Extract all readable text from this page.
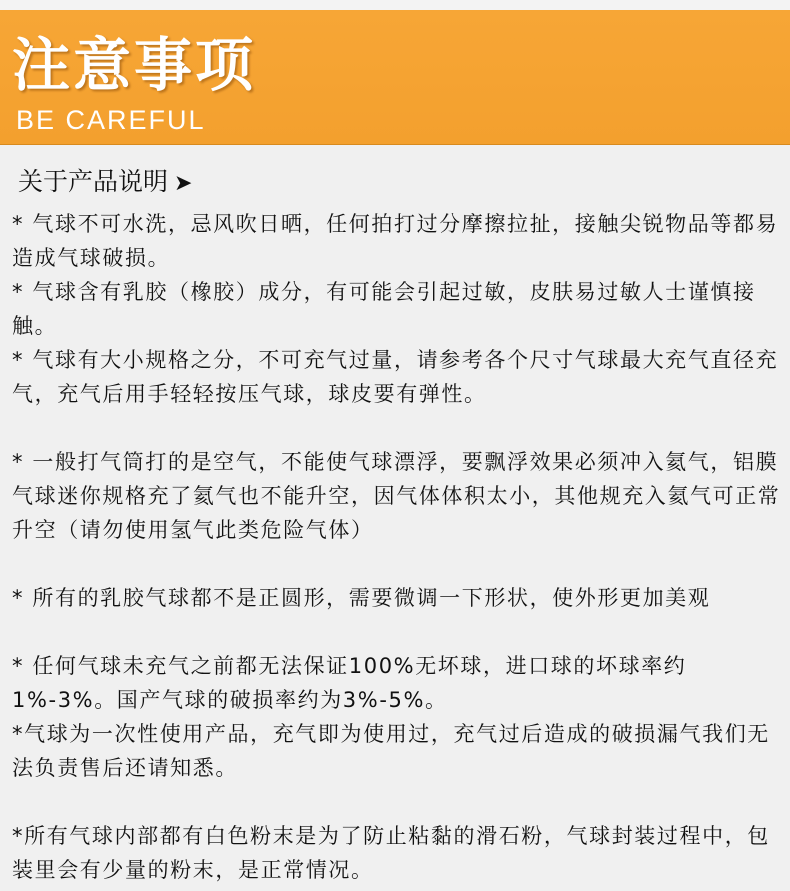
注意事项
BE CAREFUL
关于产品说明 ➤

* 气球不可水洗，忌风吹日晒，任何拍打过分摩擦拉扯，接触尖锐物品等都易造成气球破损。

* 气球含有乳胶（橡胶）成分，有可能会引起过敏，皮肤易过敏人士谨慎接触。

* 气球有大小规格之分，不可充气过量，请参考各个尺寸气球最大充气直径充气，充气后用手轻轻按压气球，球皮要有弹性。

* 一般打气筒打的是空气，不能使气球漂浮，要飘浮效果必须冲入氦气，铝膜气球迷你规格充了氦气也不能升空，因气体体积太小，其他规充入氦气可正常升空（请勿使用氢气此类危险气体）

* 所有的乳胶气球都不是正圆形，需要微调一下形状，使外形更加美观

* 任何气球未充气之前都无法保证100%无坏球，进口球的坏球率约1%-3%。国产气球的破损率约为3%-5%。

*气球为一次性使用产品，充气即为使用过，充气过后造成的破损漏气我们无法负责售后还请知悉。

*所有气球内部都有白色粉末是为了防止粘黏的滑石粉，气球封装过程中，包装里会有少量的粉末，是正常情况。
